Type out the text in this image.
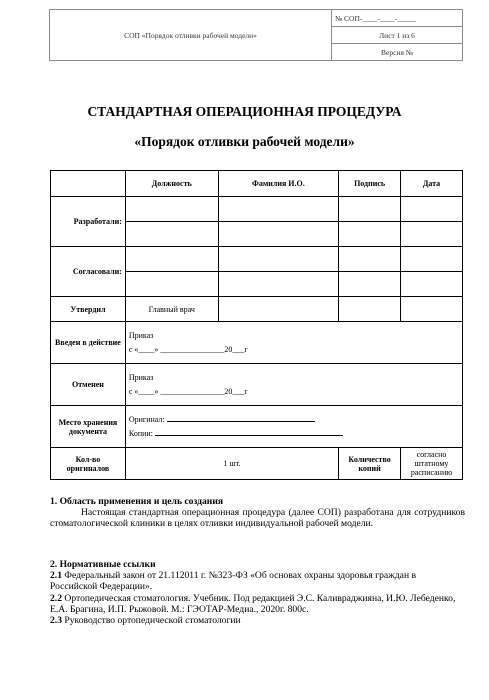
СОП «Порядок отливки рабочей модели»	№ СОП-____-____-_____
Лист 1 из 6
Версия №
СТАНДАРТНАЯ ОПЕРАЦИОННАЯ ПРОЦЕДУРА
«Порядок отливки рабочей модели»
	Должность	Фамилия И.О.	Подпись	Дата
Разработали:				

Согласовали:				

Утвердил	Главный врач			
Введен в действие	Приказ
с «____» ________________20___г			

Отменен	Приказ
с «____» ________________20___г			

Место хранения документа	Оригинал:
Копии:			

Кол-во оригиналов	1 шт.		Количество копий	согласно штатному расписанию

1. Область применения и цель создания

Настоящая стандартная операционная процедура (далее СОП) разработана для сотрудников стоматологической клиники в целях отливки индивидуальной рабочей модели.

2. Нормативные ссылки

2.1 Федеральный закон от 21.112011 г. №323-ФЗ «Об основах охраны здоровья граждан в Российской Федерации».

2.2 Ортопедическая стоматология. Учебник. Под редакцией Э.С. Каливраджияна, И.Ю. Лебеденко, Е.А. Брагина, И.П. Рыжовой. М.: ГЭОТАР-Медиа., 2020г. 800с.

2.3 Руководство ортопедической стоматологии
